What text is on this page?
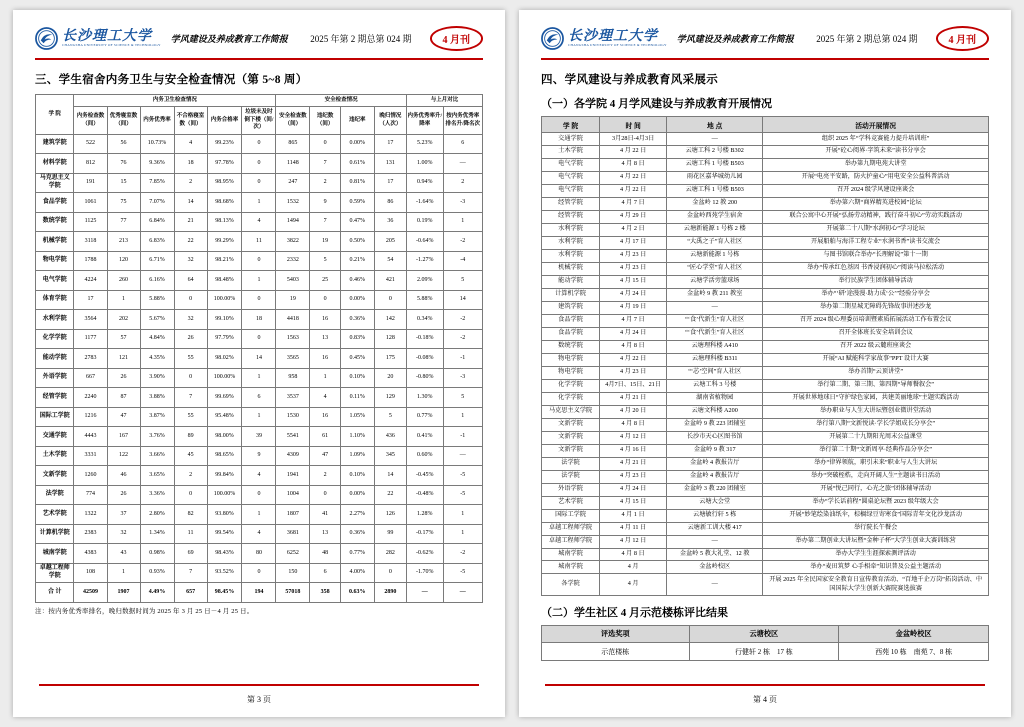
长沙理工大学
CHANGSHA UNIVERSITY OF SCIENCE & TECHNOLOGY
学风建设及养成教育工作简报 2025 年第 2 期总第 024 期	4 月刊
三、学生宿舍内务卫生与安全检查情况（第 5~8 周）
学 院	内务卫生检查情况						安全检查情况				与上月对比	
	内务检查数（间）	优秀寝室数（间）	内务优秀率	不合格寝室数（间）	内务合格率	垃圾未及时倒下楼（间/次）	安全检查数（间）	违纪数（间）	违纪率	晚归情况（人次）	内务优秀率升/降率	按内务优秀率排名升/降名次
建筑学院	522	56	10.73%	4	99.23%	0	865	0	0.00%	17	5.23%	6
材料学院	812	76	9.36%	18	97.78%	0	1148	7	0.61%	131	1.00%	—
马克思主义学院	191	15	7.85%	2	98.95%	0	247	2	0.81%	17	0.94%	2
食品学院	1061	75	7.07%	14	98.68%	1	1532	9	0.59%	86	-1.64%	-3
数统学院	1125	77	6.84%	21	98.13%	4	1494	7	0.47%	36	0.19%	1
机械学院	3118	213	6.83%	22	99.29%	11	3822	19	0.50%	205	-0.64%	-2
物电学院	1788	120	6.71%	32	98.21%	0	2332	5	0.21%	54	-1.27%	-4
电气学院	4224	260	6.16%	64	98.48%	1	5403	25	0.46%	421	2.09%	5
体育学院	17	1	5.88%	0	100.00%	0	19	0	0.00%	0	5.88%	14
水利学院	3564	202	5.67%	32	99.10%	18	4418	16	0.36%	142	0.34%	-2
化学学院	1177	57	4.84%	26	97.79%	0	1563	13	0.83%	128	-0.18%	-2
能动学院	2783	121	4.35%	55	98.02%	14	3565	16	0.45%	175	-0.08%	-1
外语学院	667	26	3.90%	0	100.00%	1	958	1	0.10%	20	-0.80%	-3
经管学院	2240	87	3.88%	7	99.69%	6	3537	4	0.11%	129	1.30%	5
国际工学院	1216	47	3.87%	55	95.48%	1	1530	16	1.05%	5	0.77%	1
交通学院	4443	167	3.76%	89	98.00%	39	5541	61	1.10%	436	0.41%	-1
土木学院	3331	122	3.66%	45	98.65%	9	4309	47	1.09%	345	0.60%	—
文新学院	1260	46	3.65%	2	99.84%	4	1941	2	0.10%	14	-0.45%	-5
法学院	774	26	3.36%	0	100.00%	0	1004	0	0.00%	22	-0.48%	-5
艺术学院	1322	37	2.80%	82	93.80%	1	1807	41	2.27%	126	1.28%	1
计算机学院	2383	32	1.34%	11	99.54%	4	3681	13	0.36%	99	-0.17%	1
城南学院	4383	43	0.98%	69	98.43%	80	6252	48	0.77%	282	-0.62%	-2
卓越工程师学院	108	1	0.93%	7	93.52%	0	150	6	4.00%	0	-1.70%	-5
合 计	42509	1907	4.49%	657	98.45%	194	57018	358	0.63%	2890	—	—
注：按内务优秀率排名，晚归数据时间为 2025 年 3 月 25 日－4 月 25 日。
第 3 页
长沙理工大学
CHANGSHA UNIVERSITY OF SCIENCE & TECHNOLOGY
学风建设及养成教育工作简报 2025 年第 2 期总第 024 期	4 月刊
四、学风建设与养成教育风采展示
（一）各学院 4 月学风建设与养成教育开展情况
学 院	时 间	地 点	活动开展情况
交通学院	3月28日-4月3日	—	组织 2025 年“学科竞赛能力提升培训班”
土木学院	4 月 22 日	云塘工科 2 号楼 B302	开展“砼心阅界·字筑未来”读书分享会
电气学院	4 月 8 日	云塘工科 1 号楼 B503	举办第九期电苑大讲堂
电气学院	4 月 22 日	雨花区嘉华城幼儿园	开展“电亮平安路，防火护童心”用电安全公益科普活动
电气学院	4 月 22 日	云塘工科 1 号楼 B503	召开 2024 级学风建设座谈会
经管学院	4 月 7 日	金盆岭 12 教 200	举办第六期“商界精英进校园”论坛
经管学院	4 月 29 日	金盆岭西苑学生宿舍	联合公寓中心开展“弘扬劳动精神，践行奋斗初心”劳动实践活动
水利学院	4 月 2 日	云塘新能源 1 号栋 2 楼	开展第二十八期“水润初心”学习论坛
水利学院	4 月 17 日	“大禹之子”育人社区	开展船舶与海洋工程专业“水润书香”读书交流会
水利学院	4 月 23 日	云塘新能源 1 号栋	与图书馆联合举办“长理解说”第十一期
机械学院	4 月 23 日	“匠心学堂”育人社区	举办“传承红色基因 书香浸润初心”阅读马拉松活动
能动学院	4 月 15 日	云塘学活旁篮球场	举行民族学生团体辅导活动
计算机学院	4 月 24 日	金盆岭 9 教 211 教室	举办“‘研’途漫漫·助力成‘公’”经验分享会
建筑学院	4 月 19 日	—	举办第二期星城无障碍先锋故事讲述沙龙
食品学院	4 月 7 日	“‘食’代新生”育人社区	召开 2024 级心理委员培训暨素质拓展活动工作布置会议
食品学院	4 月 24 日	“‘食’代新生”育人社区	召开全体班长安全培训会议
数统学院	4 月 8 日	云塘理科楼 A410	召开 2022 级云麓班座谈会
物电学院	4 月 22 日	云塘理科楼 B311	开展“AI 赋能科学家故事”PPT 设计大赛
物电学院	4 月 23 日	“‘芯’空间”育人社区	举办首期“云顶讲堂”
化学学院	4月7日、15日、21日	云塘工科 3 号楼	举行第二期、第三期、第四期“导师餐叙会”
化学学院	4 月 21 日	湖南省植物园	开展世界地球日“守护绿色家园，共建美丽地球”主题实践活动
马克思主义学院	4 月 20 日	云塘文科楼 A200	举办职业与人生大讲坛暨创业微讲堂活动
文新学院	4 月 8 日	金盆岭 9 教 223 团辅室	举行第八期“文新悦读·学长学姐成长分享会”
文新学院	4 月 12 日	长沙市天心区图书馆	开展第二十九期阳光周末公益课堂
文新学院	4 月 16 日	金盆岭 9 教 317	举行第二十期“文新周享·经典作品分享会”
法学院	4 月 21 日	金盆岭 4 教报告厅	举办“律界领航，职引未来”职业与人生大讲坛
法学院	4 月 23 日	金盆岭 4 教报告厅	举办“突破桎梏，走向开阔人生”主题读书日活动
外语学院	4 月 24 日	金盆岭 3 教 220 团辅室	开展“悦己同行，心光之旅”团体辅导活动
艺术学院	4 月 15 日	云塘大会堂	举办“学长话前程”圆桌论坛暨 2023 级年级大会
国际工学院	4 月 1 日	云塘敏行轩 5 栋	开展“妙笔绘染油纸伞，棕榈绿豆寄寒食”国际青年文化沙龙活动
卓越工程师学院	4 月 11 日	云塘新工训大楼 417	举行院长午餐会
卓越工程师学院	4 月 12 日	—	举办第二期创业大讲坛暨“金种子杯”大学生创业大赛训练营
城南学院	4 月 8 日	金盆岭 5 教大礼堂、12 教	举办大学生生涯探索测评活动
城南学院	4 月	金盆岭校区	举办“麦田筑梦 心手相牵”知识普及公益主题活动
各学院	4 月	—	开展 2025 年全民国家安全教育日宣传教育活动、“百地千企万岗”拓岗活动、中国国际大学生创新大赛院赛选拔赛
（二）学生社区 4 月示范楼栋评比结果
评选奖项	云塘校区	金盆岭校区
示范楼栋	行健轩 2 栋　17 栋	西苑 10 栋　南苑 7、8 栋
第 4 页
